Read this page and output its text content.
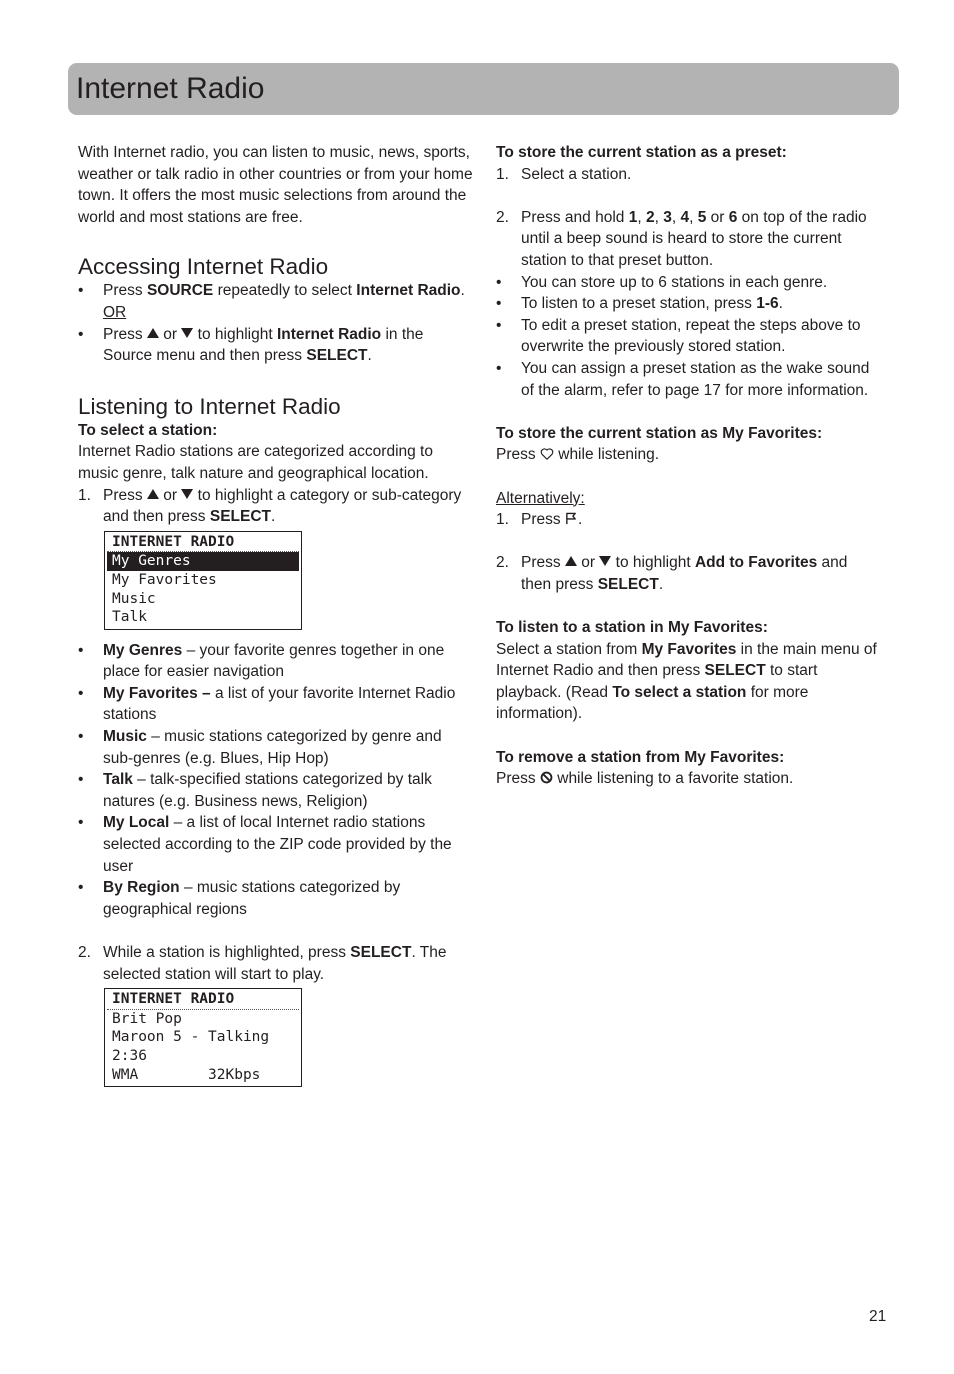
Internet Radio

With Internet radio, you can listen to music, news, sports, weather or talk radio in other countries or from your home town. It offers the most music selections from around the world and most stations are free.

Accessing Internet Radio
• Press SOURCE repeatedly to select Internet Radio.
OR
• Press  or  to highlight Internet Radio in the Source menu and then press SELECT.
Listening to Internet Radio

To select a station:

Internet Radio stations are categorized according to music genre, talk nature and geographical location.

1. Press  or  to highlight a category or sub-category and then press SELECT.
INTERNET RADIO
My Genres
My Favorites
Music
Talk
• My Genres – your favorite genres together in one place for easier navigation
• My Favorites – a list of your favorite Internet Radio stations
• Music – music stations categorized by genre and sub-genres (e.g. Blues, Hip Hop)
• Talk – talk-specified stations categorized by talk natures (e.g. Business news, Religion)
• My Local – a list of local Internet radio stations selected according to the ZIP code provided by the user
• By Region – music stations categorized by geographical regions
2. While a station is highlighted, press SELECT. The selected station will start to play.
INTERNET RADIO
Brit Pop
Maroon 5 - Talking
2:36
WMA        32Kbps

To store the current station as a preset:

1. Select a station.
2. Press and hold 1, 2, 3, 4, 5 or 6 on top of the radio until a beep sound is heard to store the current station to that preset button.
• You can store up to 6 stations in each genre.
• To listen to a preset station, press 1-6.
• To edit a preset station, repeat the steps above to overwrite the previously stored station.
• You can assign a preset station as the wake sound of the alarm, refer to page 17 for more information.

To store the current station as My Favorites:

Press  while listening.

Alternatively:

1. Press .
2. Press  or  to highlight Add to Favorites and then press SELECT.

To listen to a station in My Favorites:

Select a station from My Favorites in the main menu of Internet Radio and then press SELECT to start playback. (Read To select a station for more information).

To remove a station from My Favorites:

Press  while listening to a favorite station.

21
